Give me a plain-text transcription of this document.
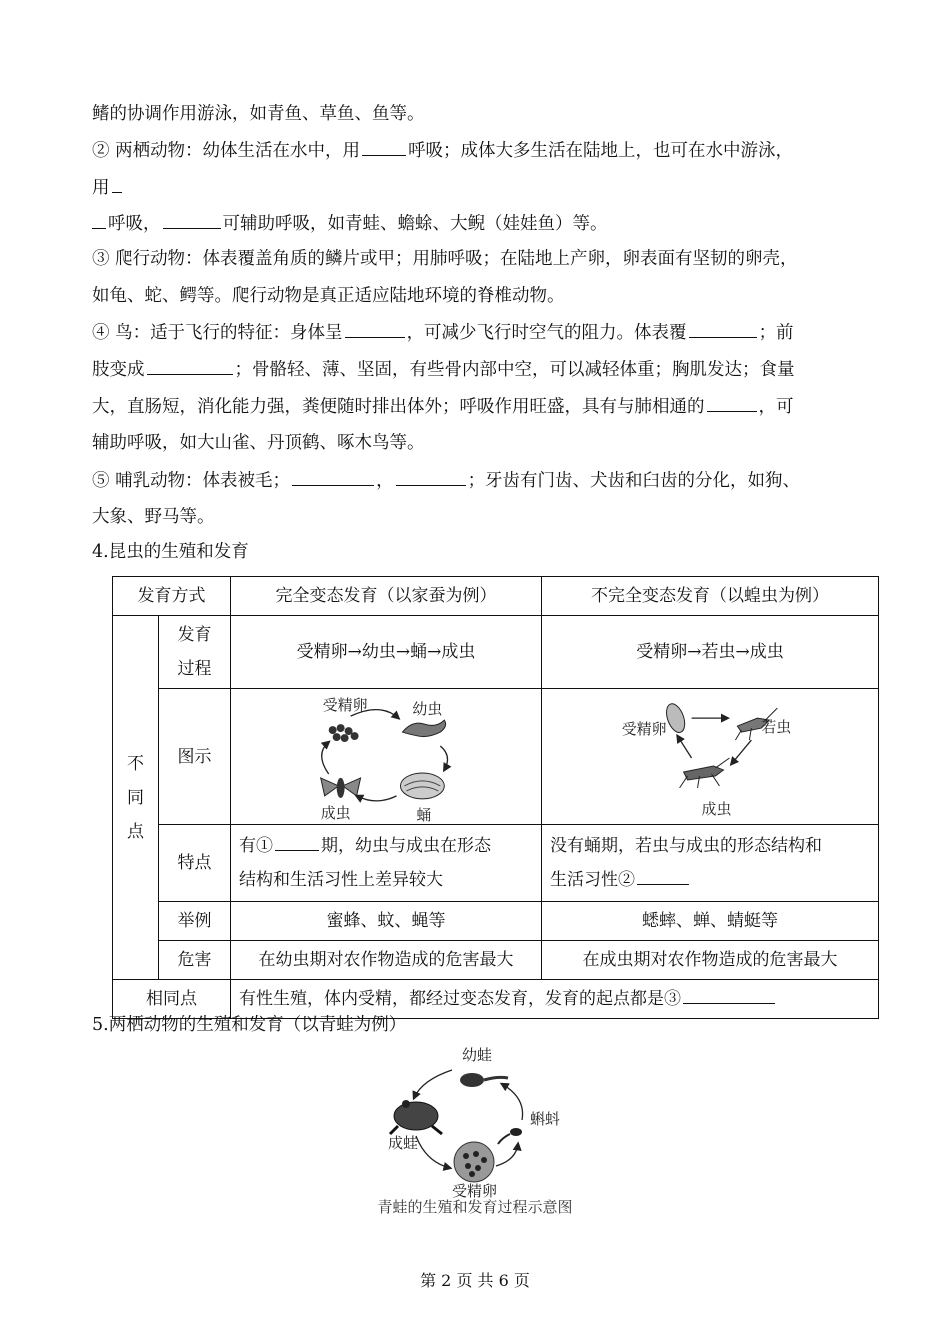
鳍的协调作用游泳，如青鱼、草鱼、鱼等。
② 两栖动物：幼体生活在水中，用	呼吸；成体大多生活在陆地上，也可在水中游泳，
用
呼吸，	可辅助呼吸，如青蛙、蟾蜍、大鲵（娃娃鱼）等。
③ 爬行动物：体表覆盖角质的鳞片或甲；用肺呼吸；在陆地上产卵，卵表面有坚韧的卵壳，
如龟、蛇、鳄等。爬行动物是真正适应陆地环境的脊椎动物。
④ 鸟：适于飞行的特征：身体呈	，可减少飞行时空气的阻力。体表覆	；前
肢变成	；骨骼轻、薄、坚固，有些骨内部中空，可以减轻体重；胸肌发达；食量
大，直肠短，消化能力强，粪便随时排出体外；呼吸作用旺盛，具有与肺相通的	，可
辅助呼吸，如大山雀、丹顶鹤、啄木鸟等。
⑤ 哺乳动物：体表被毛；	，	；牙齿有门齿、犬齿和臼齿的分化，如狗、
大象、野马等。
4.昆虫的生殖和发育
发育方式		完全变态发育（以家蚕为例）	不完全变态发育（以蝗虫为例）
不同点	发育过程	受精卵→幼虫→蛹→成虫	受精卵→若虫→成虫
	图示	受精卵 幼虫
蛹
成虫	受精卵 若虫
成虫

	特点	有① 期，幼虫与成虫在形态
结构和生活习性上差异较大	没有蛹期，若虫与成虫的形态结构和
生活习性②
	举例	蜜蜂、蚊、蝇等	蟋蟀、蝉、蜻蜓等
	危害	在幼虫期对农作物造成的危害最大	在成虫期对农作物造成的危害最大
相同点		有性生殖，体内受精，都经过变态发育，发育的起点都是③	
5.两栖动物的生殖和发育（以青蛙为例）
幼蛙
蝌蚪
成蛙
受精卵
青蛙的生殖和发育过程示意图
第 2 页 共 6 页
